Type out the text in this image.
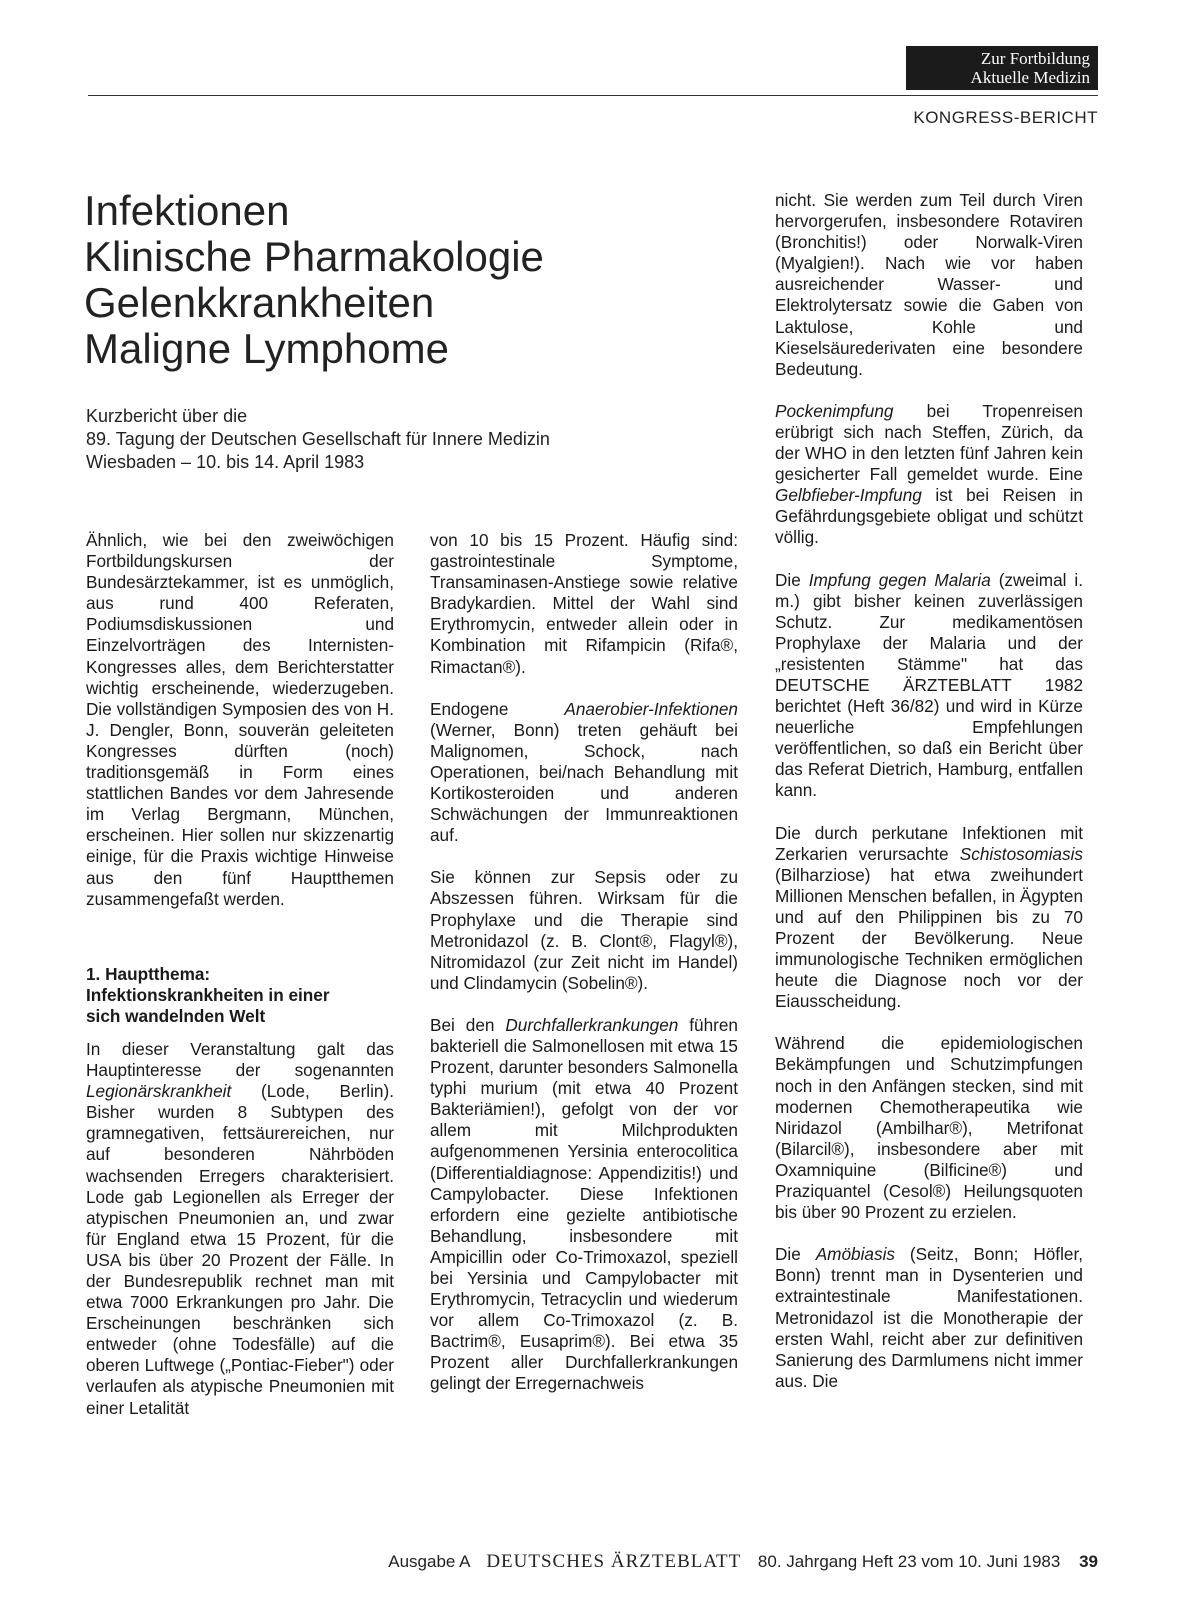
Zur Fortbildung
Aktuelle Medizin
KONGRESS-BERICHT
Infektionen
Klinische Pharmakologie
Gelenkkrankheiten
Maligne Lymphome
Kurzbericht über die
89. Tagung der Deutschen Gesellschaft für Innere Medizin
Wiesbaden – 10. bis 14. April 1983

Ähnlich, wie bei den zweiwöchigen Fortbildungskursen der Bundesärztekammer, ist es unmöglich, aus rund 400 Referaten, Podiumsdiskussionen und Einzelvorträgen des Internisten-Kongresses alles, dem Berichterstatter wichtig erscheinende, wiederzugeben. Die vollständigen Symposien des von H. J. Dengler, Bonn, souverän geleiteten Kongresses dürften (noch) traditionsgemäß in Form eines stattlichen Bandes vor dem Jahresende im Verlag Bergmann, München, erscheinen. Hier sollen nur skizzenartig einige, für die Praxis wichtige Hinweise aus den fünf Hauptthemen zusammengefaßt werden.

1. Hauptthema:
Infektionskrankheiten in einer
sich wandelnden Welt

In dieser Veranstaltung galt das Hauptinteresse der sogenannten Legionärskrankheit (Lode, Berlin). Bisher wurden 8 Subtypen des gramnegativen, fettsäurereichen, nur auf besonderen Nährböden wachsenden Erregers charakterisiert. Lode gab Legionellen als Erreger der atypischen Pneumonien an, und zwar für England etwa 15 Prozent, für die USA bis über 20 Prozent der Fälle. In der Bundesrepublik rechnet man mit etwa 7000 Erkrankungen pro Jahr. Die Erscheinungen beschränken sich entweder (ohne Todesfälle) auf die oberen Luftwege („Pontiac-Fieber") oder verlaufen als atypische Pneumonien mit einer Letalität

von 10 bis 15 Prozent. Häufig sind: gastrointestinale Symptome, Transaminasen-Anstiege sowie relative Bradykardien. Mittel der Wahl sind Erythromycin, entweder allein oder in Kombination mit Rifampicin (Rifa®, Rimactan®).

Endogene Anaerobier-Infektionen (Werner, Bonn) treten gehäuft bei Malignomen, Schock, nach Operationen, bei/nach Behandlung mit Kortikosteroiden und anderen Schwächungen der Immunreaktionen auf.

Sie können zur Sepsis oder zu Abszessen führen. Wirksam für die Prophylaxe und die Therapie sind Metronidazol (z. B. Clont®, Flagyl®), Nitromidazol (zur Zeit nicht im Handel) und Clindamycin (Sobelin®).

Bei den Durchfallerkrankungen führen bakteriell die Salmonellosen mit etwa 15 Prozent, darunter besonders Salmonella typhi murium (mit etwa 40 Prozent Bakteriämien!), gefolgt von der vor allem mit Milchprodukten aufgenommenen Yersinia enterocolitica (Differentialdiagnose: Appendizitis!) und Campylobacter. Diese Infektionen erfordern eine gezielte antibiotische Behandlung, insbesondere mit Ampicillin oder Co-Trimoxazol, speziell bei Yersinia und Campylobacter mit Erythromycin, Tetracyclin und wiederum vor allem Co-Trimoxazol (z. B. Bactrim®, Eusaprim®). Bei etwa 35 Prozent aller Durchfallerkrankungen gelingt der Erregernachweis

nicht. Sie werden zum Teil durch Viren hervorgerufen, insbesondere Rotaviren (Bronchitis!) oder Norwalk-Viren (Myalgien!). Nach wie vor haben ausreichender Wasser- und Elektrolytersatz sowie die Gaben von Laktulose, Kohle und Kieselsäurederivaten eine besondere Bedeutung.

Pockenimpfung bei Tropenreisen erübrigt sich nach Steffen, Zürich, da der WHO in den letzten fünf Jahren kein gesicherter Fall gemeldet wurde. Eine Gelbfieber-Impfung ist bei Reisen in Gefährdungsgebiete obligat und schützt völlig.

Die Impfung gegen Malaria (zweimal i. m.) gibt bisher keinen zuverlässigen Schutz. Zur medikamentösen Prophylaxe der Malaria und der „resistenten Stämme" hat das DEUTSCHE ÄRZTEBLATT 1982 berichtet (Heft 36/82) und wird in Kürze neuerliche Empfehlungen veröffentlichen, so daß ein Bericht über das Referat Dietrich, Hamburg, entfallen kann.

Die durch perkutane Infektionen mit Zerkarien verursachte Schistosomiasis (Bilharziose) hat etwa zweihundert Millionen Menschen befallen, in Ägypten und auf den Philippinen bis zu 70 Prozent der Bevölkerung. Neue immunologische Techniken ermöglichen heute die Diagnose noch vor der Eiausscheidung.

Während die epidemiologischen Bekämpfungen und Schutzimpfungen noch in den Anfängen stecken, sind mit modernen Chemotherapeutika wie Niridazol (Ambilhar®), Metrifonat (Bilarcil®), insbesondere aber mit Oxamniquine (Bilficine®) und Praziquantel (Cesol®) Heilungsquoten bis über 90 Prozent zu erzielen.

Die Amöbiasis (Seitz, Bonn; Höfler, Bonn) trennt man in Dysenterien und extraintestinale Manifestationen. Metronidazol ist die Monotherapie der ersten Wahl, reicht aber zur definitiven Sanierung des Darmlumens nicht immer aus. Die

Ausgabe A DEUTSCHES ÄRZTEBLATT 80. Jahrgang Heft 23 vom 10. Juni 1983 39
